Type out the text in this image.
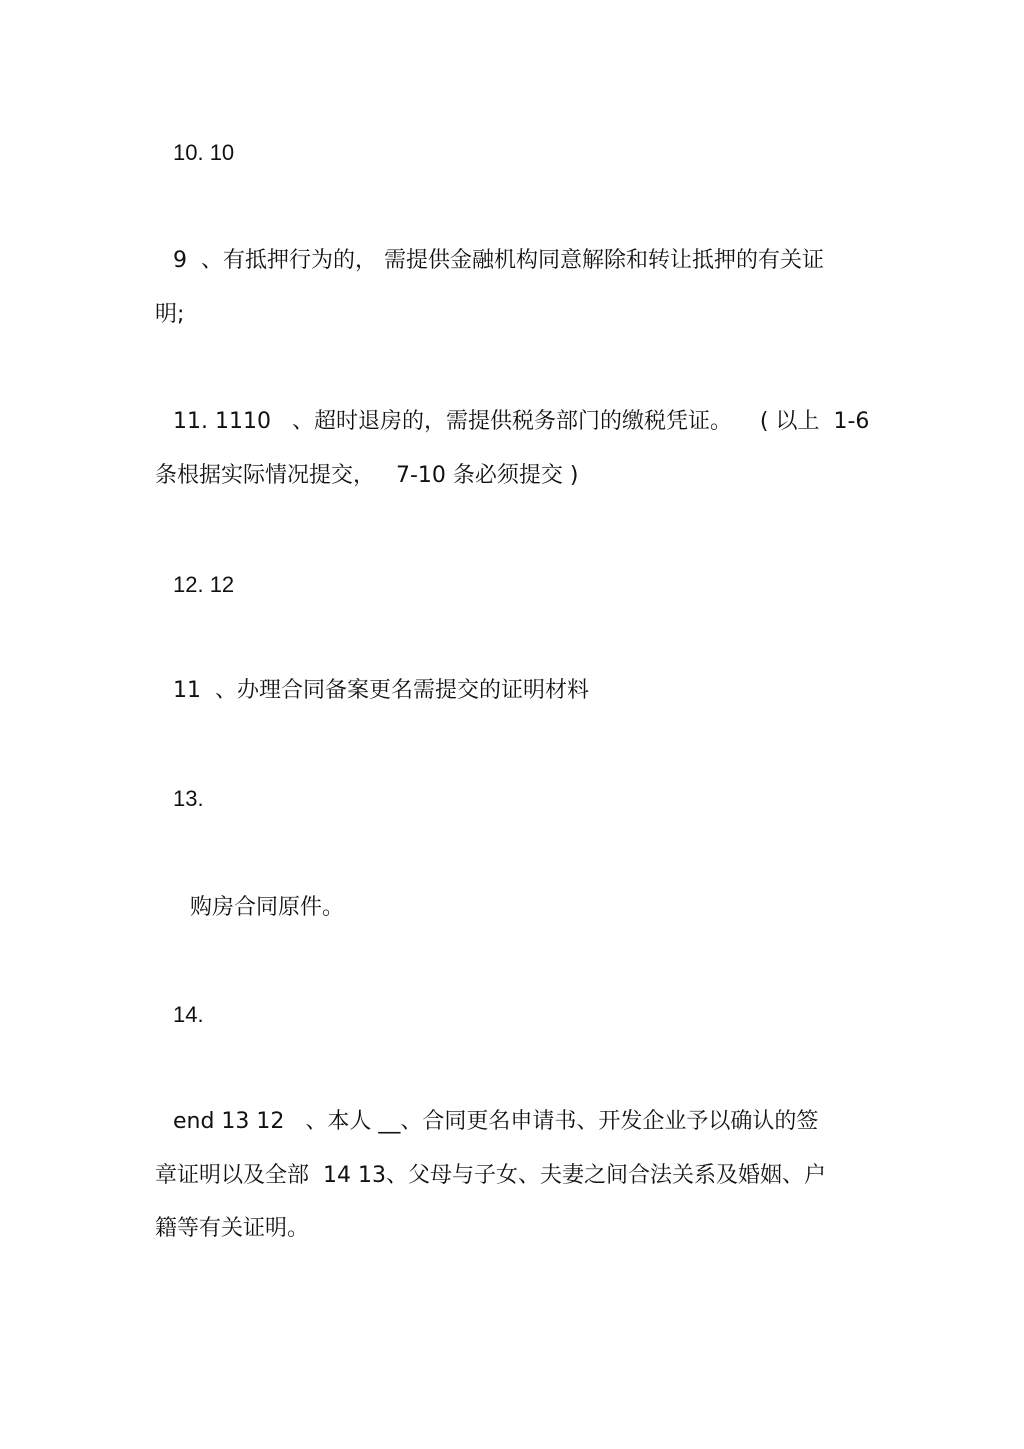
10. 10

9  、有抵押行为的， 需提供金融机构同意解除和转让抵押的有关证

明;

11. 1110   、超时退房的，需提供税务部门的缴税凭证。    ( 以上  1-6

条根据实际情况提交，   7-10 条必须提交 )

12. 12

11  、办理合同备案更名需提交的证明材料

13.

购房合同原件。

14.

end 13 12   、本人 __、合同更名申请书、开发企业予以确认的签

章证明以及全部  14 13、父母与子女、夫妻之间合法关系及婚姻、户

籍等有关证明。
